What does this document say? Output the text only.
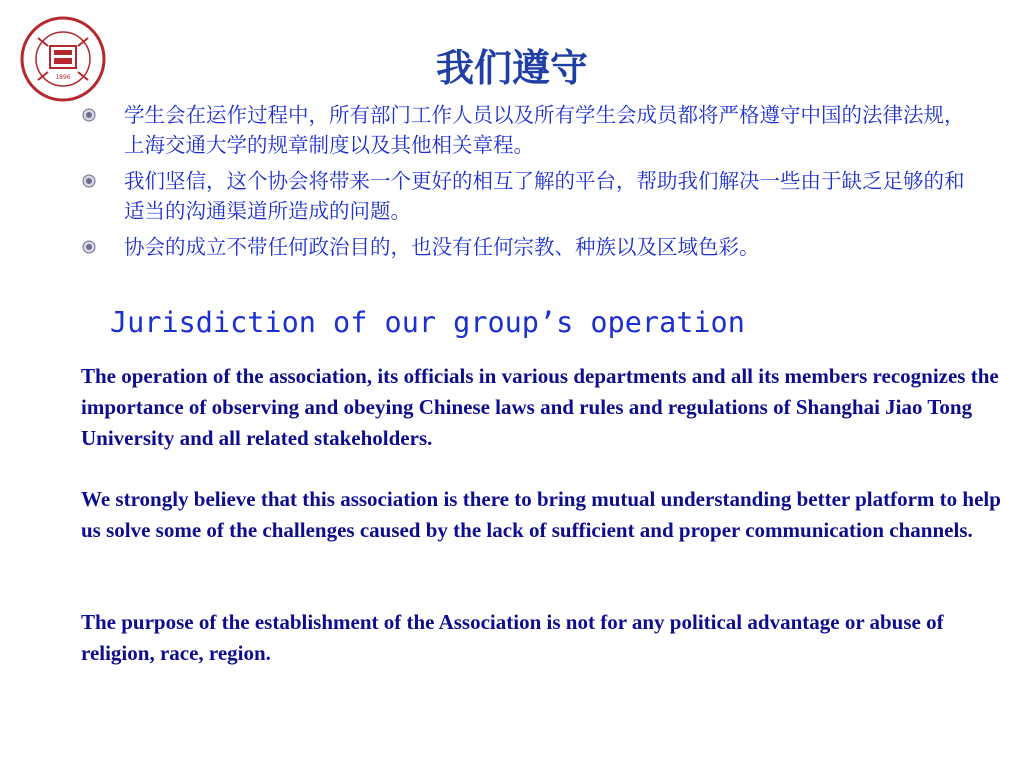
1896	我们遵守
学生会在运作过程中，所有部门工作人员以及所有学生会成员都将严格遵守中国的法律法规，上海交通大学的规章制度以及其他相关章程。
我们坚信，这个协会将带来一个更好的相互了解的平台，帮助我们解决一些由于缺乏足够的和适当的沟通渠道所造成的问题。
协会的成立不带任何政治目的，也没有任何宗教、种族以及区域色彩。
Jurisdiction of our group’s operation
The operation of the association, its officials in various departments and all its members recognizes the importance of observing and obeying Chinese laws and rules and regulations of Shanghai Jiao Tong University and all related stakeholders.
We strongly believe that this association is there to bring mutual understanding better platform to help us solve some of the challenges caused by the lack of sufficient and proper communication channels.
The purpose of the establishment of the Association is not for any political advantage or abuse of religion, race, region.
